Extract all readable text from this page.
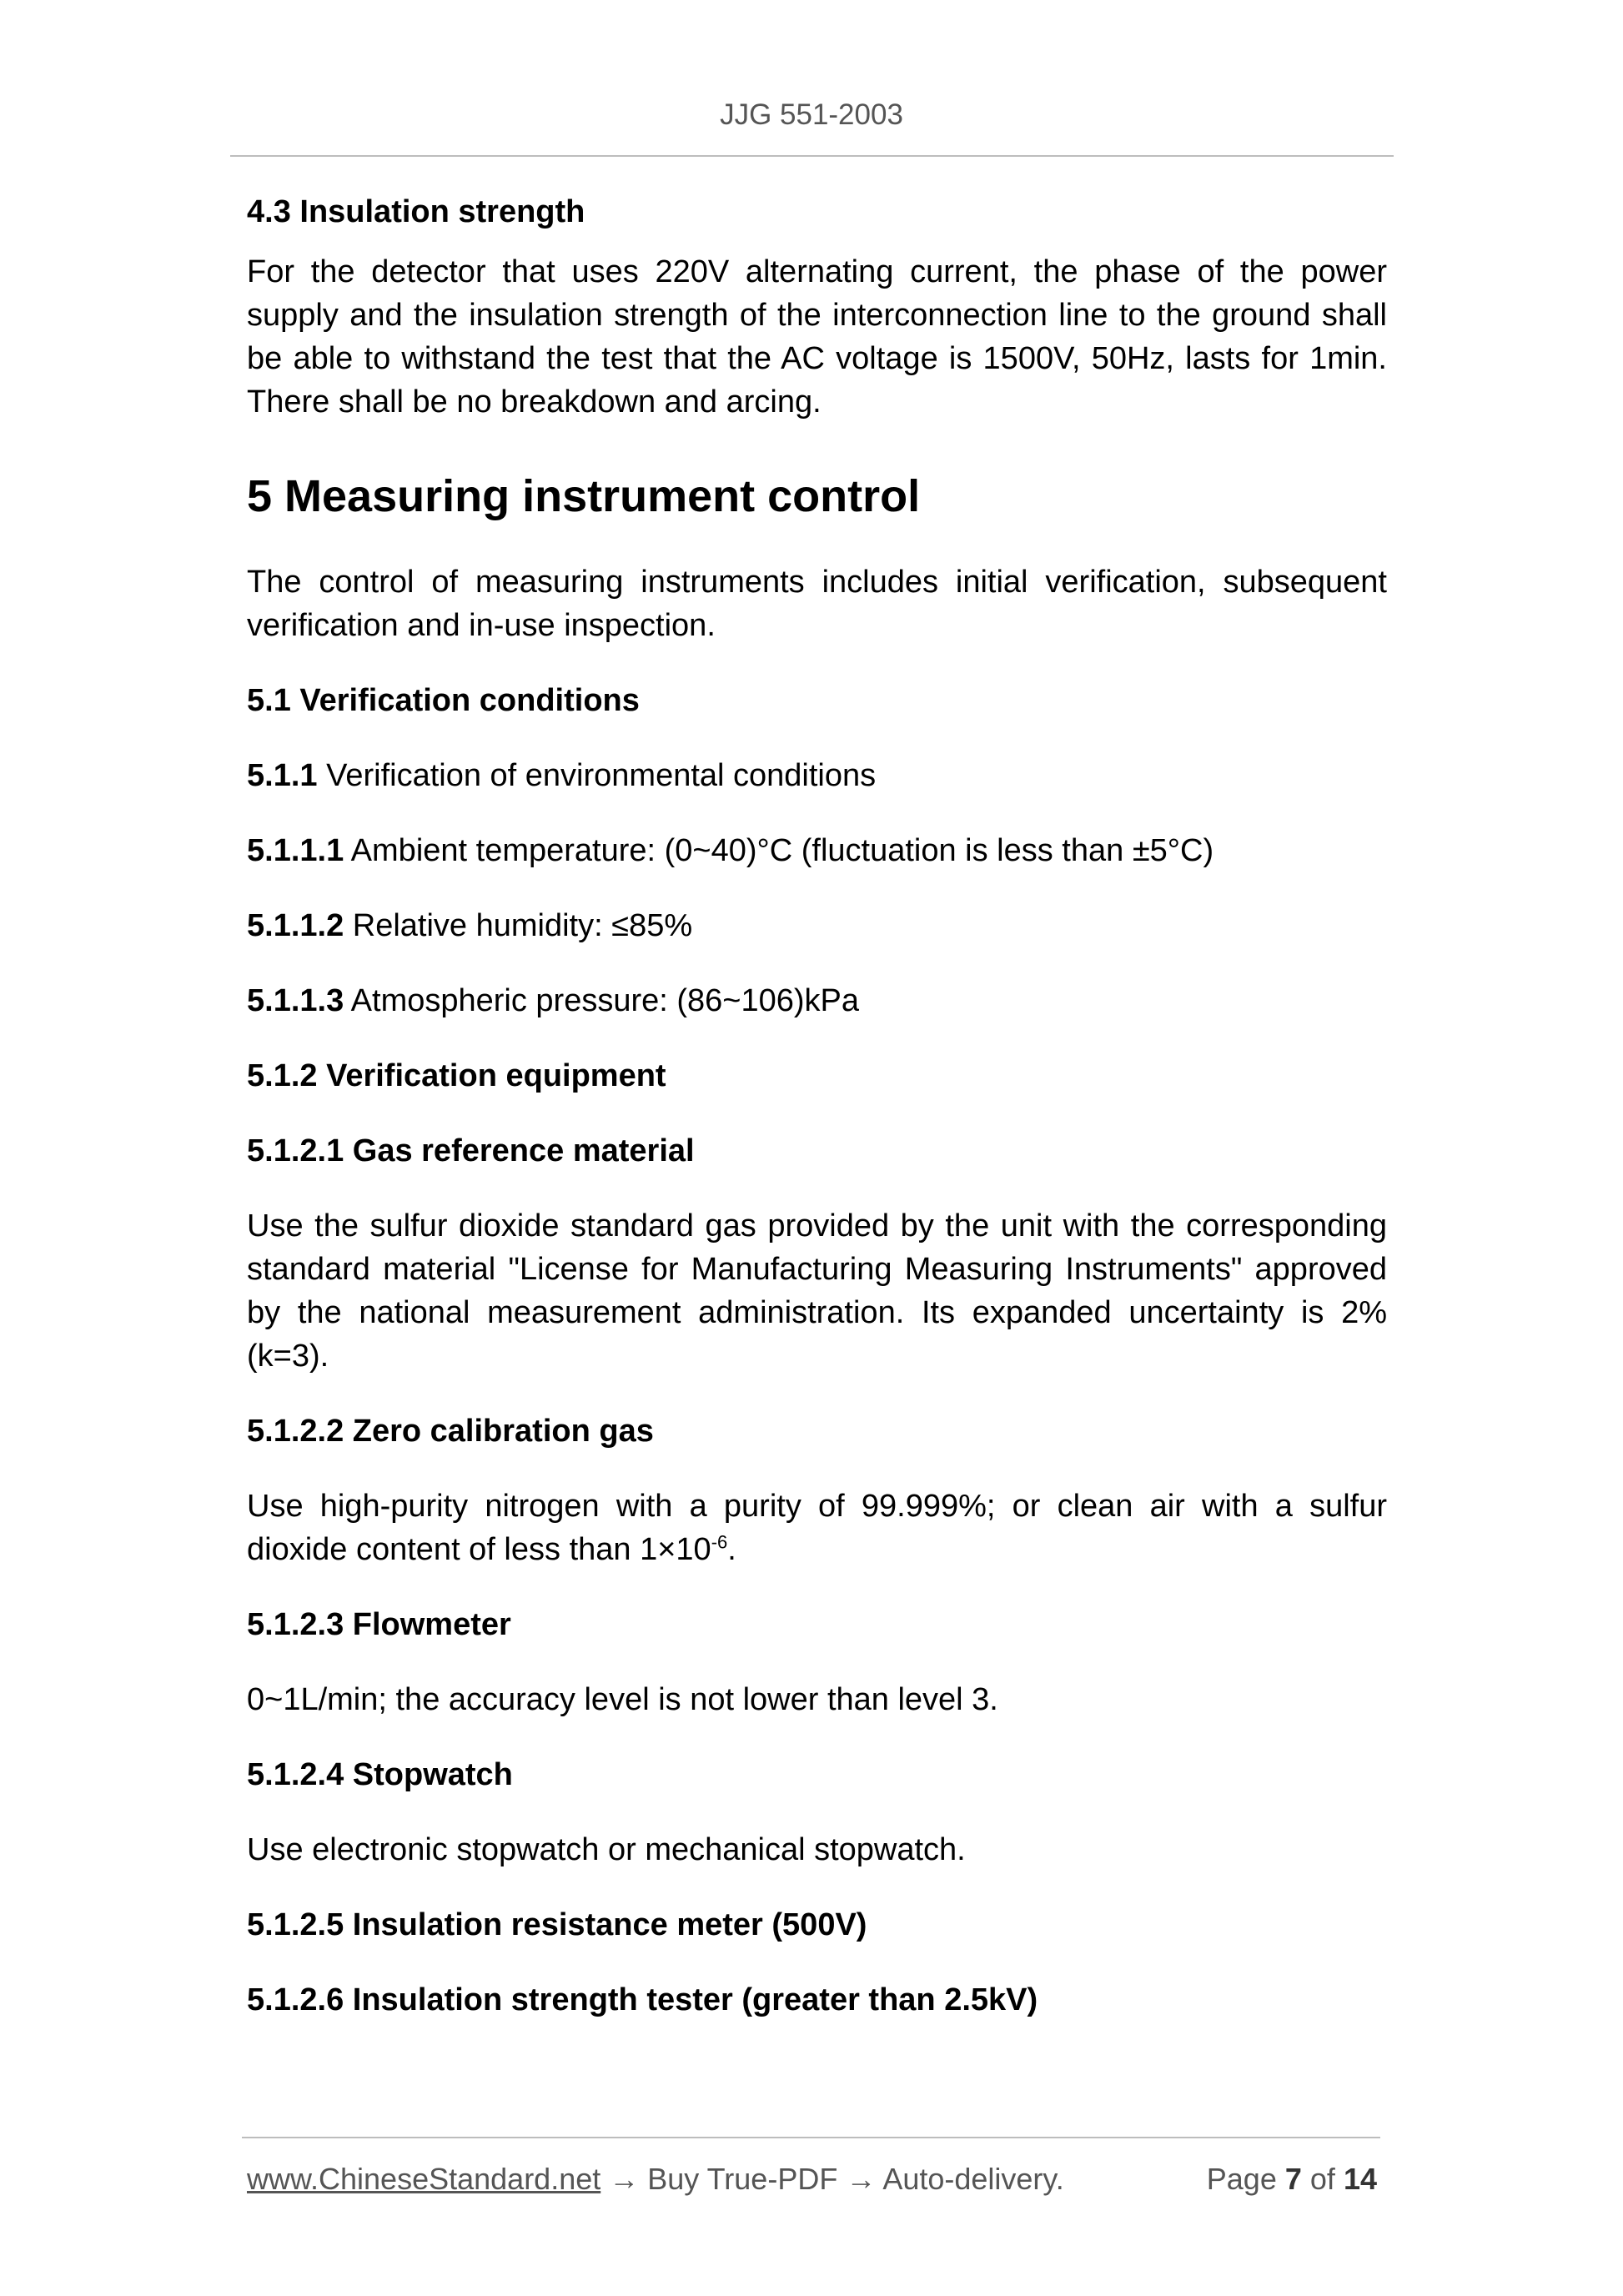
JJG 551-2003

4.3 Insulation strength

For the detector that uses 220V alternating current, the phase of the power supply and the insulation strength of the interconnection line to the ground shall be able to withstand the test that the AC voltage is 1500V, 50Hz, lasts for 1min. There shall be no breakdown and arcing.

5 Measuring instrument control

The control of measuring instruments includes initial verification, subsequent verification and in-use inspection.

5.1 Verification conditions

5.1.1 Verification of environmental conditions

5.1.1.1 Ambient temperature: (0~40)°C (fluctuation is less than ±5°C)

5.1.1.2 Relative humidity: ≤85%

5.1.1.3 Atmospheric pressure: (86~106)kPa

5.1.2 Verification equipment

5.1.2.1 Gas reference material

Use the sulfur dioxide standard gas provided by the unit with the corresponding standard material "License for Manufacturing Measuring Instruments" approved by the national measurement administration. Its expanded uncertainty is 2% (k=3).

5.1.2.2 Zero calibration gas

Use high-purity nitrogen with a purity of 99.999%; or clean air with a sulfur dioxide content of less than $1\times 10^{-6}$.

5.1.2.3 Flowmeter

0~1L/min; the accuracy level is not lower than level 3.

5.1.2.4 Stopwatch

Use electronic stopwatch or mechanical stopwatch.

5.1.2.5 Insulation resistance meter (500V)

5.1.2.6 Insulation strength tester (greater than 2.5kV)

www.ChineseStandard.net → Buy True-PDF → Auto-delivery.	Page 7 of 14
